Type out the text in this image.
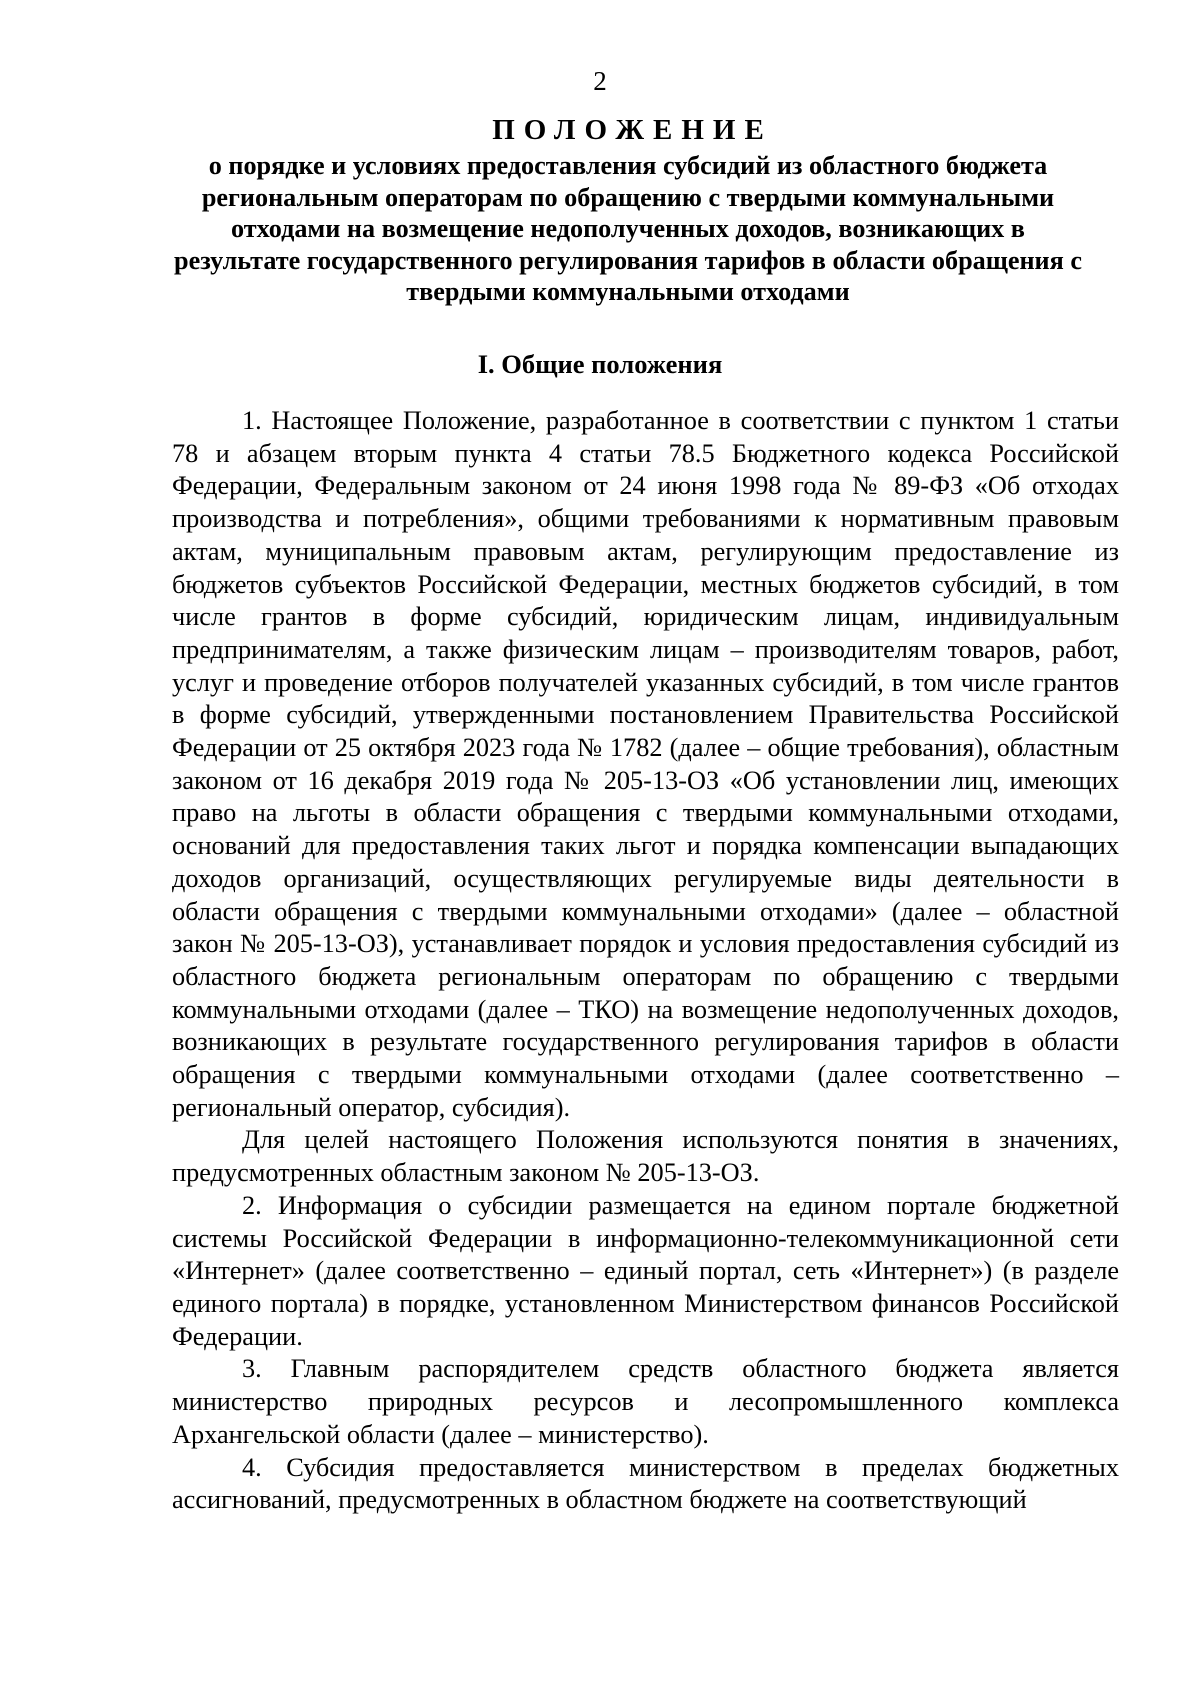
2

ПОЛОЖЕНИЕ

о порядке и условиях предоставления субсидий из областного бюджета региональным операторам по обращению с твердыми коммунальными отходами на возмещение недополученных доходов, возникающих в результате государственного регулирования тарифов в области обращения с твердыми коммунальными отходами

I. Общие положения

1. Настоящее Положение, разработанное в соответствии с пунктом 1 статьи 78 и абзацем вторым пункта 4 статьи 78.5 Бюджетного кодекса Российской Федерации, Федеральным законом от 24 июня 1998 года № 89-ФЗ «Об отходах производства и потребления», общими требованиями к нормативным правовым актам, муниципальным правовым актам, регулирующим предоставление из бюджетов субъектов Российской Федерации, местных бюджетов субсидий, в том числе грантов в форме субсидий, юридическим лицам, индивидуальным предпринимателям, а также физическим лицам – производителям товаров, работ, услуг и проведение отборов получателей указанных субсидий, в том числе грантов в форме субсидий, утвержденными постановлением Правительства Российской Федерации от 25 октября 2023 года № 1782 (далее – общие требования), областным законом от 16 декабря 2019 года № 205-13-ОЗ «Об установлении лиц, имеющих право на льготы в области обращения с твердыми коммунальными отходами, оснований для предоставления таких льгот и порядка компенсации выпадающих доходов организаций, осуществляющих регулируемые виды деятельности в области обращения с твердыми коммунальными отходами» (далее – областной закон № 205-13-ОЗ), устанавливает порядок и условия предоставления субсидий из областного бюджета региональным операторам по обращению с твердыми коммунальными отходами (далее – ТКО) на возмещение недополученных доходов, возникающих в результате государственного регулирования тарифов в области обращения с твердыми коммунальными отходами (далее соответственно – региональный оператор, субсидия).

Для целей настоящего Положения используются понятия в значениях, предусмотренных областным законом № 205-13-ОЗ.

2. Информация о субсидии размещается на едином портале бюджетной системы Российской Федерации в информационно-телекоммуникационной сети «Интернет» (далее соответственно – единый портал, сеть «Интернет») (в разделе единого портала) в порядке, установленном Министерством финансов Российской Федерации.

3. Главным распорядителем средств областного бюджета является министерство природных ресурсов и лесопромышленного комплекса Архангельской области (далее – министерство).

4. Субсидия предоставляется министерством в пределах бюджетных ассигнований, предусмотренных в областном бюджете на соответствующий
